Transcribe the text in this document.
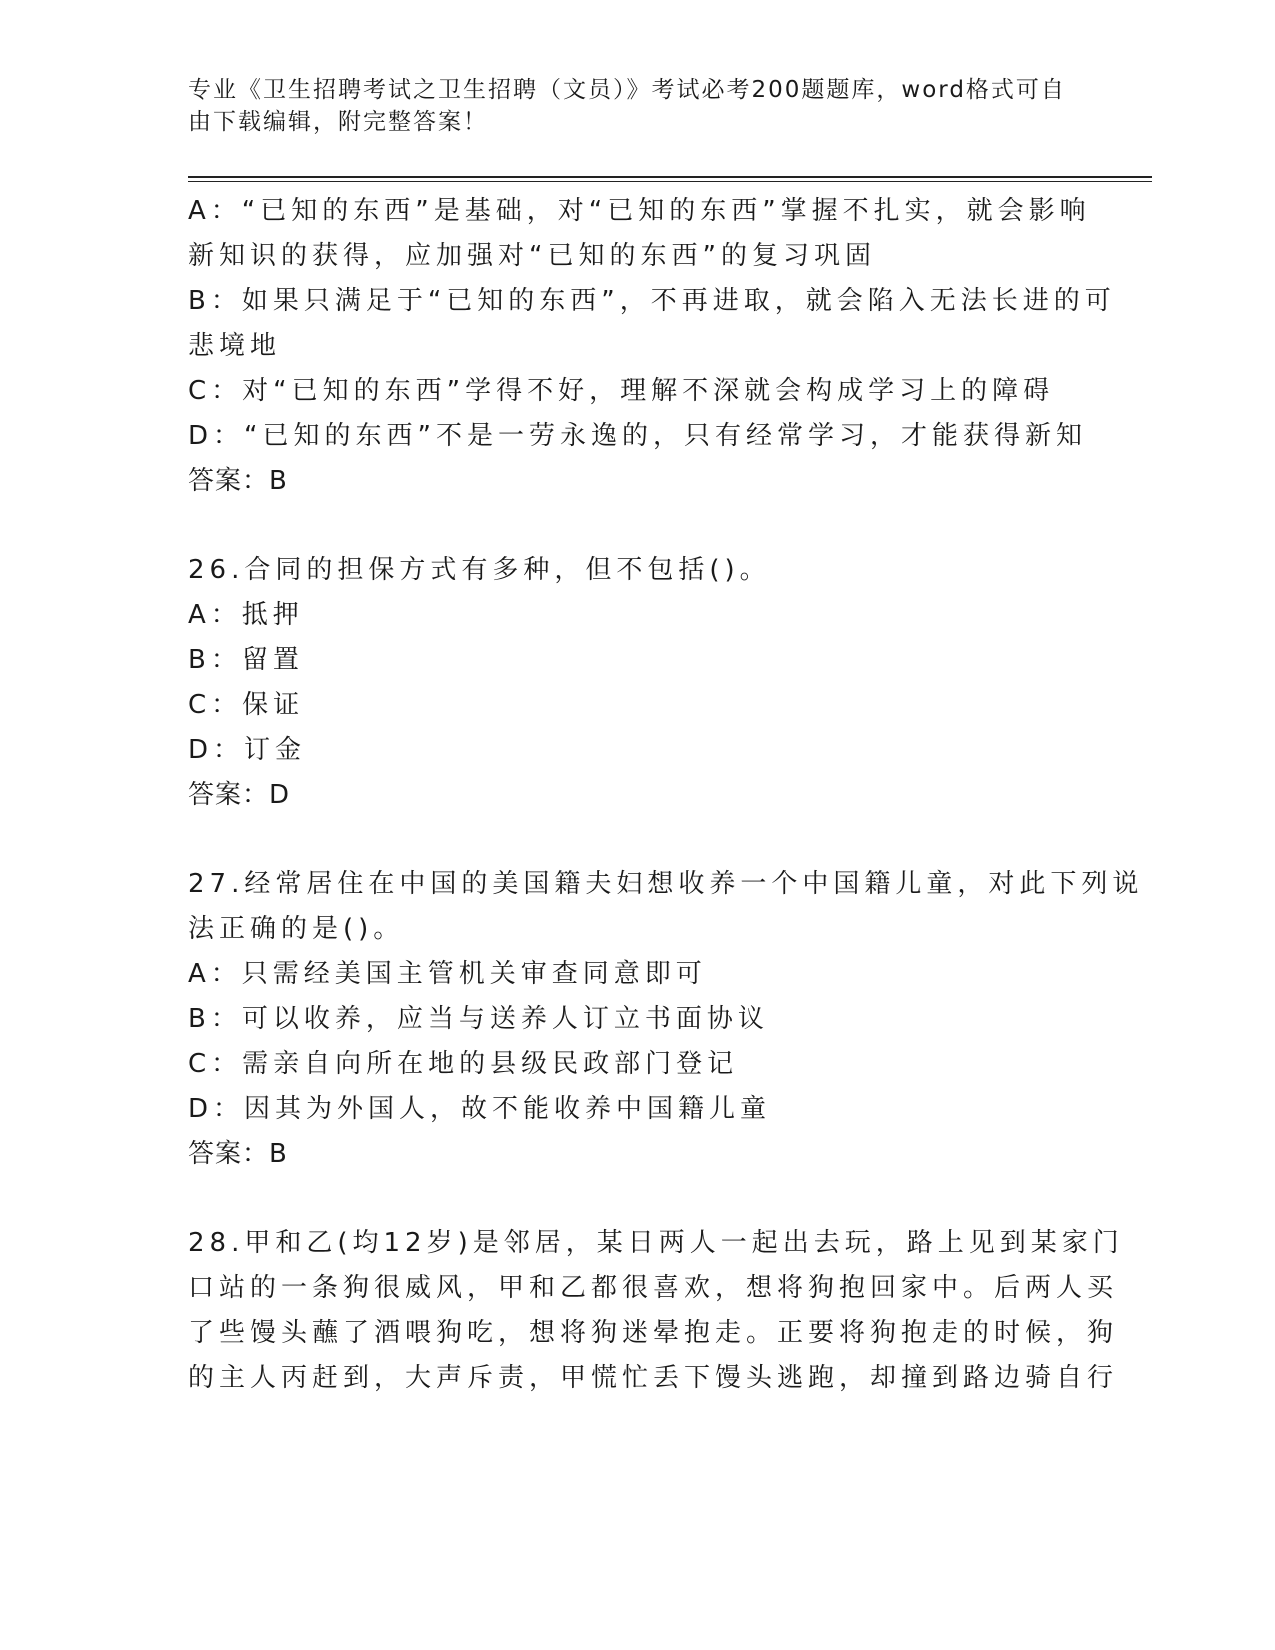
专业《卫生招聘考试之卫生招聘（文员）》考试必考200题题库，word格式可自
由下载编辑，附完整答案！
A：“已知的东西”是基础，对“已知的东西”掌握不扎实，就会影响
新知识的获得，应加强对“已知的东西”的复习巩固
B：如果只满足于“已知的东西”，不再进取，就会陷入无法长进的可
悲境地
C：对“已知的东西”学得不好，理解不深就会构成学习上的障碍
D：“已知的东西”不是一劳永逸的，只有经常学习，才能获得新知
答案：B
26.合同的担保方式有多种，但不包括()。
A：抵押
B：留置
C：保证
D：订金
答案：D
27.经常居住在中国的美国籍夫妇想收养一个中国籍儿童，对此下列说
法正确的是()。
A：只需经美国主管机关审查同意即可
B：可以收养，应当与送养人订立书面协议
C：需亲自向所在地的县级民政部门登记
D：因其为外国人，故不能收养中国籍儿童
答案：B
28.甲和乙(均12岁)是邻居，某日两人一起出去玩，路上见到某家门
口站的一条狗很威风，甲和乙都很喜欢，想将狗抱回家中。后两人买
了些馒头蘸了酒喂狗吃，想将狗迷晕抱走。正要将狗抱走的时候，狗
的主人丙赶到，大声斥责，甲慌忙丢下馒头逃跑，却撞到路边骑自行
